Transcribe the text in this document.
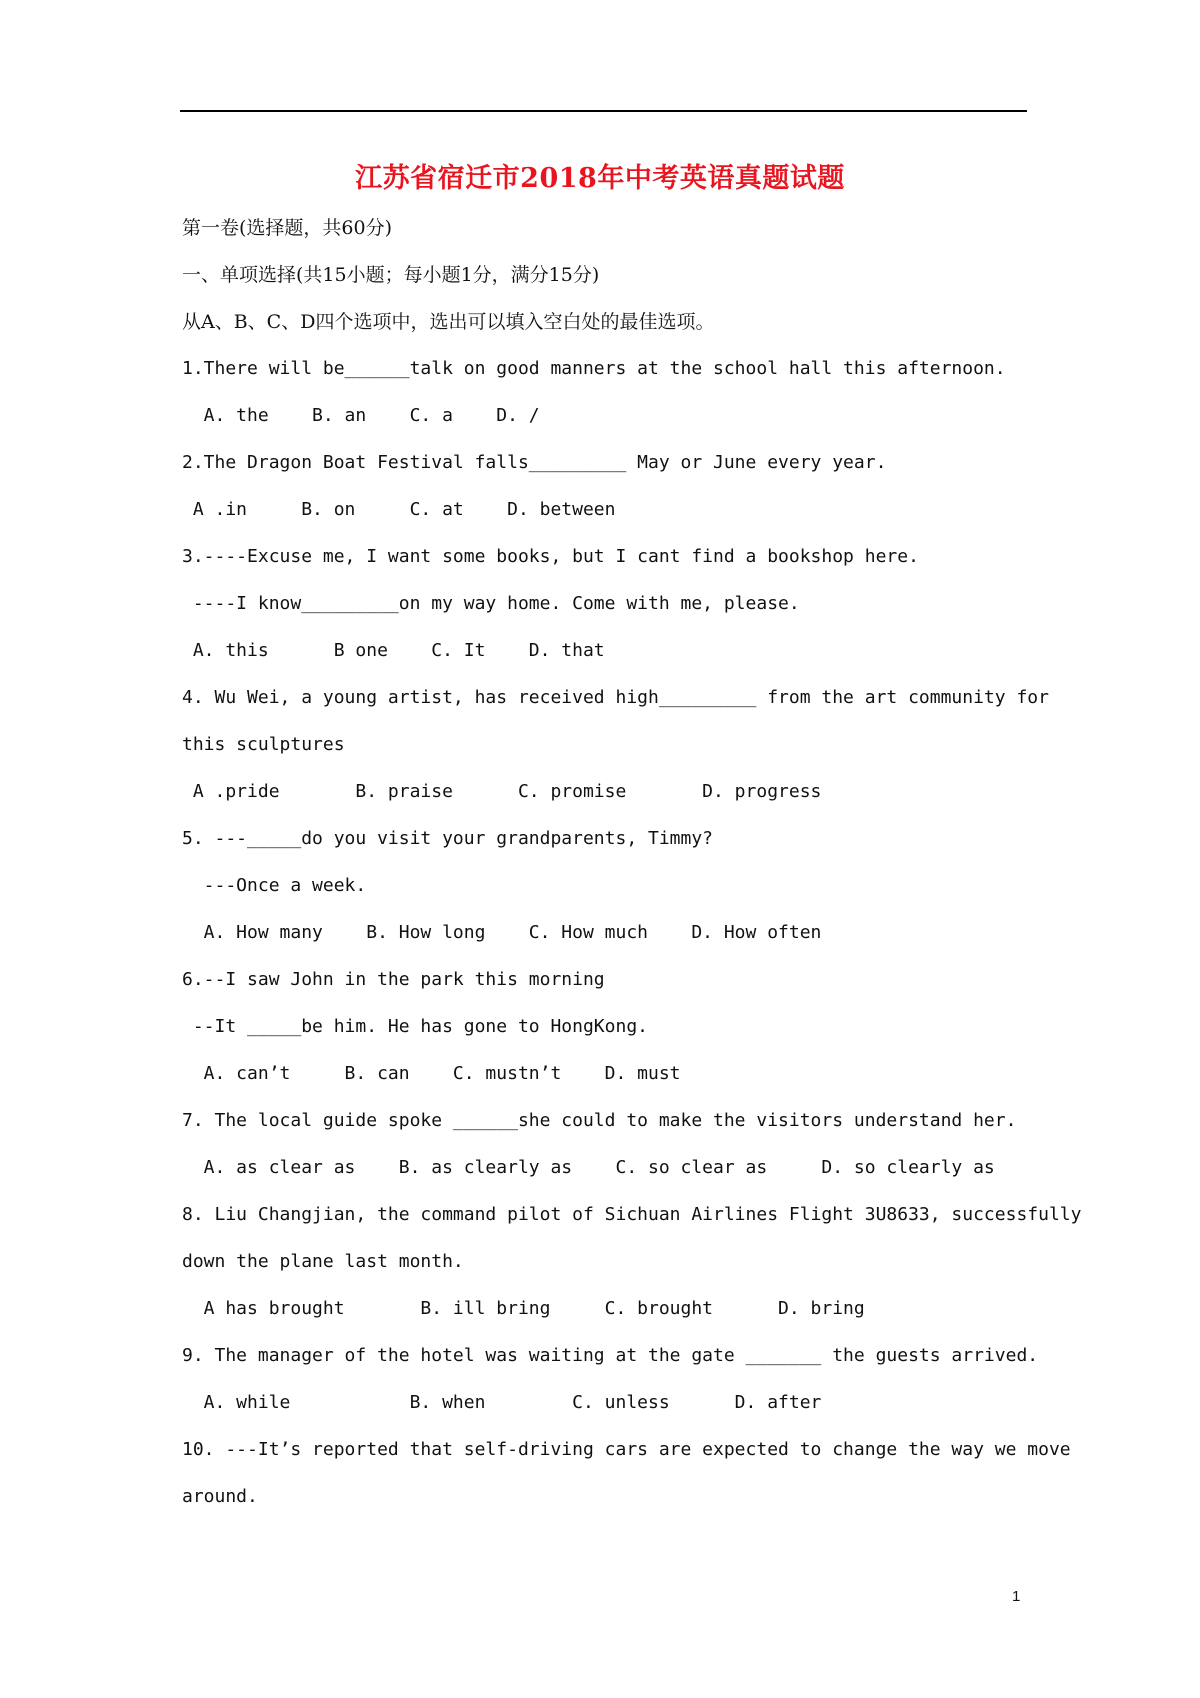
江苏省宿迁市2018年中考英语真题试题
第一卷(选择题，共60分)
一、单项选择(共15小题；每小题1分，满分15分)
从A、B、C、D四个选项中，选出可以填入空白处的最佳选项。
1.There will be______talk on good manners at the school hall this afternoon.
A. the    B. an    C. a    D. /
2.The Dragon Boat Festival falls_________ May or June every year.
A .in     B. on     C. at    D. between
3.----Excuse me, I want some books, but I cant find a bookshop here.
----I know_________on my way home. Come with me, please.
A. this      B one    C. It    D. that
4. Wu Wei, a young artist, has received high_________ from the art community for
this sculptures
A .pride       B. praise      C. promise       D. progress
5. ---_____do you visit your grandparents, Timmy?
---Once a week.
A. How many    B. How long    C. How much    D. How often
6.--I saw John in the park this morning
--It _____be him. He has gone to HongKong.
A. can’t     B. can    C. mustn’t    D. must
7. The local guide spoke ______she could to make the visitors understand her.
A. as clear as    B. as clearly as    C. so clear as     D. so clearly as
8. Liu Changjian, the command pilot of Sichuan Airlines Flight 3U8633, successfully
down the plane last month.
A has brought       B. ill bring     C. brought      D. bring
9. The manager of the hotel was waiting at the gate _______ the guests arrived.
A. while           B. when        C. unless      D. after
10. ---It’s reported that self-driving cars are expected to change the way we move
around.
1
